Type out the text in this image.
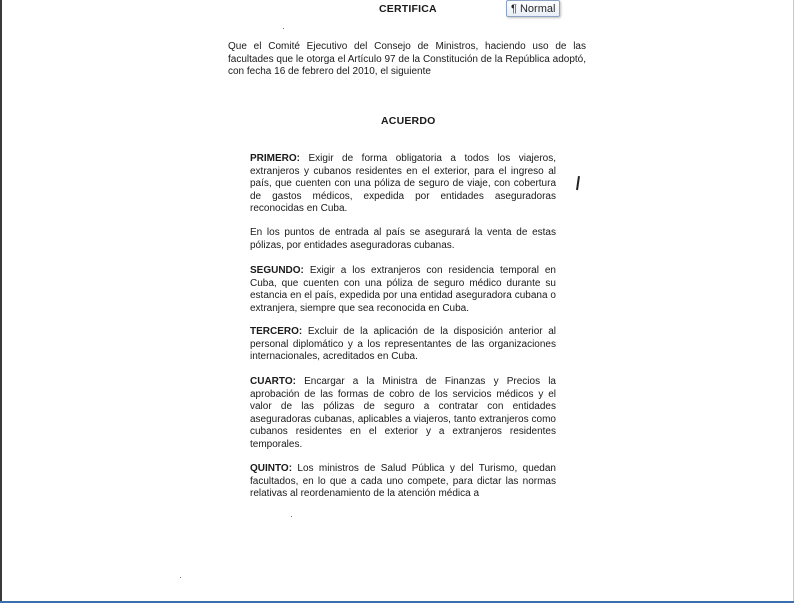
¶ Normal
CERTIFICA
Que el Comité Ejecutivo del Consejo de Ministros, haciendo uso de las facultades que le otorga el Artículo 97 de la Constitución de la República adoptó, con fecha 16 de febrero del 2010, el siguiente
ACUERDO
PRIMERO: Exigir de forma obligatoria a todos los viajeros, extranjeros y cubanos residentes en el exterior, para el ingreso al país, que cuenten con una póliza de seguro de viaje, con cobertura de gastos médicos, expedida por entidades aseguradoras reconocidas en Cuba.
En los puntos de entrada al país se asegurará la venta de estas pólizas, por entidades aseguradoras cubanas.
SEGUNDO: Exigir a los extranjeros con residencia temporal en Cuba, que cuenten con una póliza de seguro médico durante su estancia en el país, expedida por una entidad aseguradora cubana o extranjera, siempre que sea reconocida en Cuba.
TERCERO: Excluir de la aplicación de la disposición anterior al personal diplomático y a los representantes de las organizaciones internacionales, acreditados en Cuba.
CUARTO: Encargar a la Ministra de Finanzas y Precios la aprobación de las formas de cobro de los servicios médicos y el valor de las pólizas de seguro a contratar con entidades aseguradoras cubanas, aplicables a viajeros, tanto extranjeros como cubanos residentes en el exterior y a extranjeros residentes temporales.
QUINTO: Los ministros de Salud Pública y del Turismo, quedan facultados, en lo que a cada uno compete, para dictar las normas relativas al reordenamiento de la atención médica a
